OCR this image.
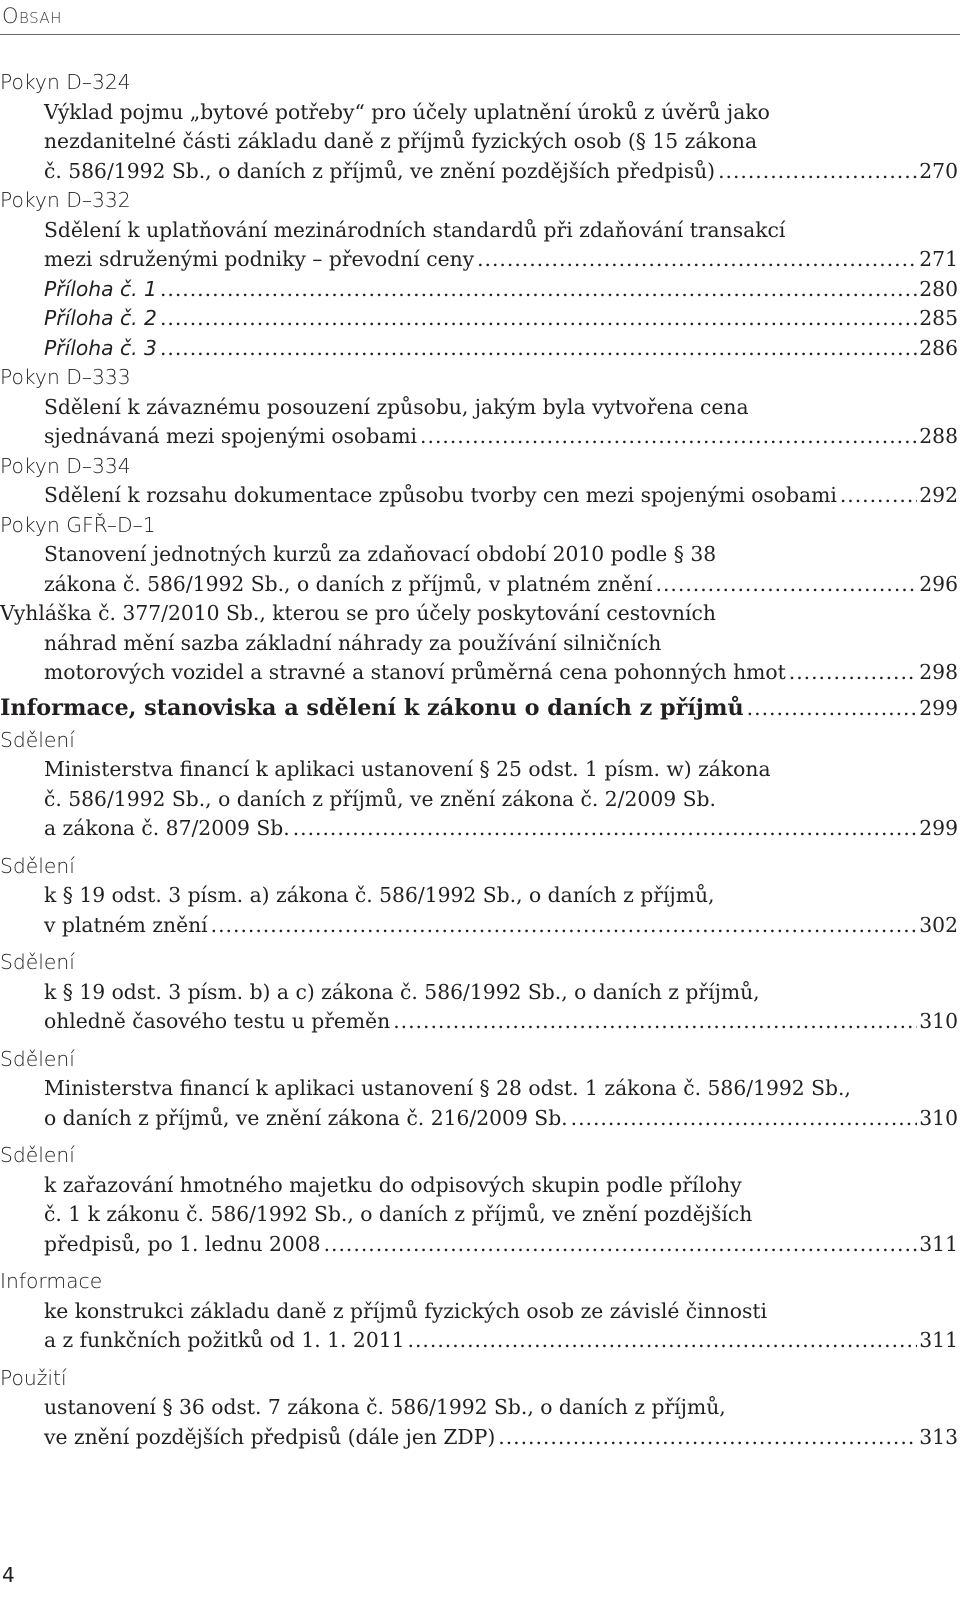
Obsah
Pokyn D–324
Výklad pojmu „bytové potřeby“ pro účely uplatnění úroků z úvěrů jako
nezdanitelné části základu daně z příjmů fyzických osob (§ 15 zákona
č. 586/1992 Sb., o daních z příjmů, ve znění pozdějších předpisů) .....	270
Pokyn D–332
Sdělení k uplatňování mezinárodních standardů při zdaňování transakcí
mezi sdruženými podniky – převodní ceny .....	271
Příloha č. 1 .....	280
Příloha č. 2 .....	285
Příloha č. 3 .....	286
Pokyn D–333
Sdělení k závaznému posouzení způsobu, jakým byla vytvořena cena
sjednávaná mezi spojenými osobami .....	288
Pokyn D–334
Sdělení k rozsahu dokumentace způsobu tvorby cen mezi spojenými osobami .....	292
Pokyn GFŘ–D–1
Stanovení jednotných kurzů za zdaňovací období 2010 podle § 38
zákona č. 586/1992 Sb., o daních z příjmů, v platném znění .....	296
Vyhláška č. 377/2010 Sb., kterou se pro účely poskytování cestovních
náhrad mění sazba základní náhrady za používání silničních
motorových vozidel a stravné a stanoví průměrná cena pohonných hmot .....	298
Informace, stanoviska a sdělení k zákonu o daních z příjmů .....	299
Sdělení
Ministerstva financí k aplikaci ustanovení § 25 odst. 1 písm. w) zákona
č. 586/1992 Sb., o daních z příjmů, ve znění zákona č. 2/2009 Sb.
a zákona č. 87/2009 Sb. .....	299
Sdělení
k § 19 odst. 3 písm. a) zákona č. 586/1992 Sb., o daních z příjmů,
v platném znění .....	302
Sdělení
k § 19 odst. 3 písm. b) a c) zákona č. 586/1992 Sb., o daních z příjmů,
ohledně časového testu u přeměn .....	310
Sdělení
Ministerstva financí k aplikaci ustanovení § 28 odst. 1 zákona č. 586/1992 Sb.,
o daních z příjmů, ve znění zákona č. 216/2009 Sb. .....	310
Sdělení
k zařazování hmotného majetku do odpisových skupin podle přílohy
č. 1 k zákonu č. 586/1992 Sb., o daních z příjmů, ve znění pozdějších
předpisů, po 1. lednu 2008 .....	311
Informace
ke konstrukci základu daně z příjmů fyzických osob ze závislé činnosti
a z funkčních požitků od 1. 1. 2011 .....	311
Použití
ustanovení § 36 odst. 7 zákona č. 586/1992 Sb., o daních z příjmů,
ve znění pozdějších předpisů (dále jen ZDP) .....	313
4
